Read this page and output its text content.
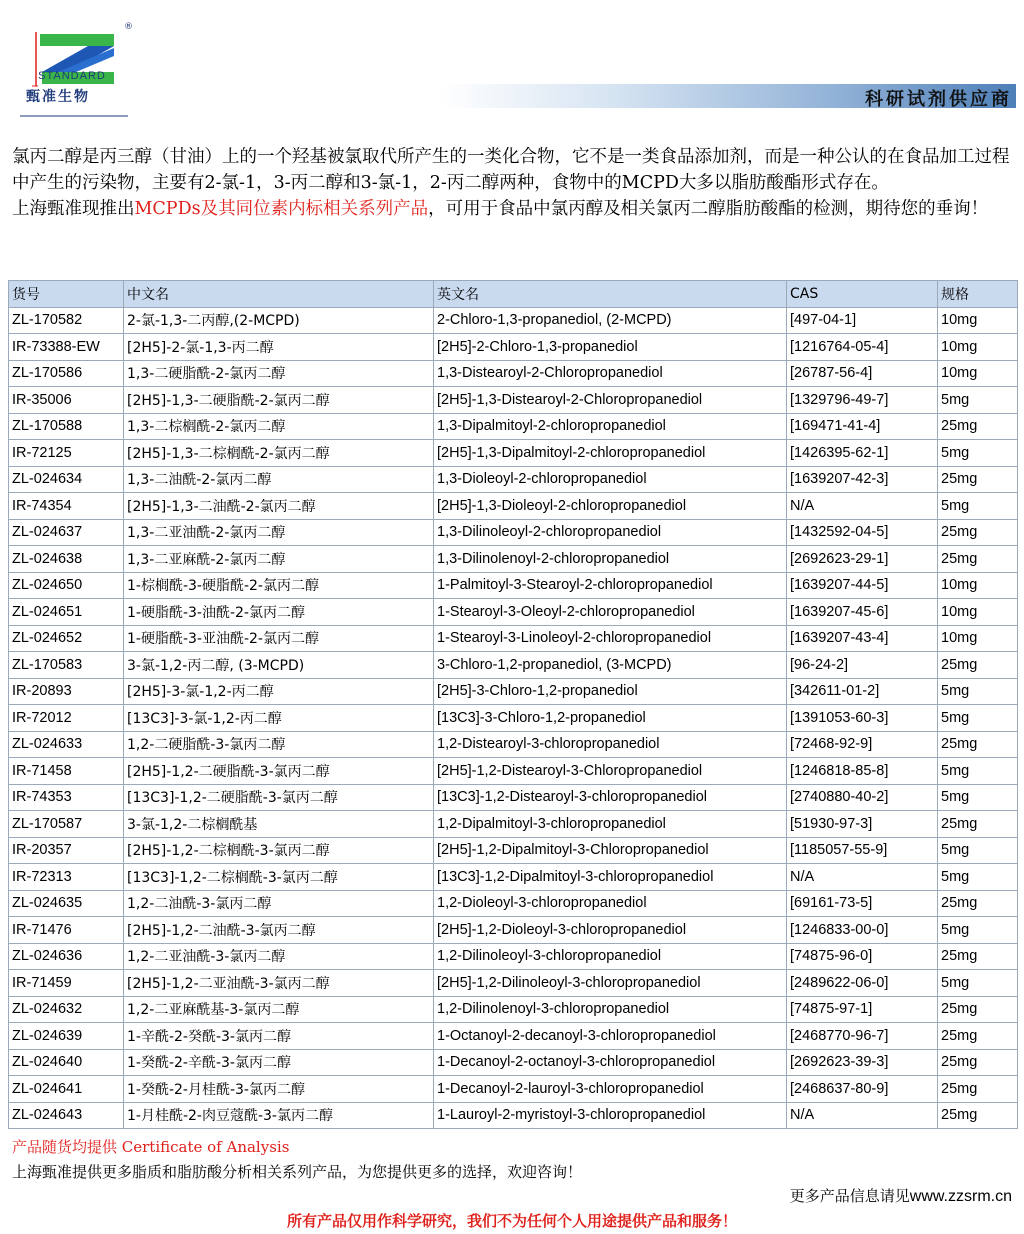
STANDARD
甄准生物
®
科研试剂供应商

氯丙二醇是丙三醇（甘油）上的一个羟基被氯取代所产生的一类化合物，它不是一类食品添加剂，而是一种公认的在食品加工过程中产生的污染物，主要有2-氯-1，3-丙二醇和3-氯-1，2-丙二醇两种，食物中的MCPD大多以脂肪酸酯形式存在。

上海甄准现推出MCPDs及其同位素内标相关系列产品，可用于食品中氯丙醇及相关氯丙二醇脂肪酸酯的检测，期待您的垂询！

货号	中文名	英文名	CAS	规格
ZL-170582	2-氯-1,3-二丙醇,(2-MCPD)	2-Chloro-1,3-propanediol, (2-MCPD)	[497-04-1]	10mg
IR-73388-EW	[2H5]-2-氯-1,3-丙二醇	[2H5]-2-Chloro-1,3-propanediol	[1216764-05-4]	10mg
ZL-170586	1,3-二硬脂酰-2-氯丙二醇	1,3-Distearoyl-2-Chloropropanediol	[26787-56-4]	10mg
IR-35006	[2H5]-1,3-二硬脂酰-2-氯丙二醇	[2H5]-1,3-Distearoyl-2-Chloropropanediol	[1329796-49-7]	5mg
ZL-170588	1,3-二棕榈酰-2-氯丙二醇	1,3-Dipalmitoyl-2-chloropropanediol	[169471-41-4]	25mg
IR-72125	[2H5]-1,3-二棕榈酰-2-氯丙二醇	[2H5]-1,3-Dipalmitoyl-2-chloropropanediol	[1426395-62-1]	5mg
ZL-024634	1,3-二油酰-2-氯丙二醇	1,3-Dioleoyl-2-chloropropanediol	[1639207-42-3]	25mg
IR-74354	[2H5]-1,3-二油酰-2-氯丙二醇	[2H5]-1,3-Dioleoyl-2-chloropropanediol	N/A	5mg
ZL-024637	1,3-二亚油酰-2-氯丙二醇	1,3-Dilinoleoyl-2-chloropropanediol	[1432592-04-5]	25mg
ZL-024638	1,3-二亚麻酰-2-氯丙二醇	1,3-Dilinolenoyl-2-chloropropanediol	[2692623-29-1]	25mg
ZL-024650	1-棕榈酰-3-硬脂酰-2-氯丙二醇	1-Palmitoyl-3-Stearoyl-2-chloropropanediol	[1639207-44-5]	10mg
ZL-024651	1-硬脂酰-3-油酰-2-氯丙二醇	1-Stearoyl-3-Oleoyl-2-chloropropanediol	[1639207-45-6]	10mg
ZL-024652	1-硬脂酰-3-亚油酰-2-氯丙二醇	1-Stearoyl-3-Linoleoyl-2-chloropropanediol	[1639207-43-4]	10mg
ZL-170583	3-氯-1,2-丙二醇, (3-MCPD)	3-Chloro-1,2-propanediol, (3-MCPD)	[96-24-2]	25mg
IR-20893	[2H5]-3-氯-1,2-丙二醇	[2H5]-3-Chloro-1,2-propanediol	[342611-01-2]	5mg
IR-72012	[13C3]-3-氯-1,2-丙二醇	[13C3]-3-Chloro-1,2-propanediol	[1391053-60-3]	5mg
ZL-024633	1,2-二硬脂酰-3-氯丙二醇	1,2-Distearoyl-3-chloropropanediol	[72468-92-9]	25mg
IR-71458	[2H5]-1,2-二硬脂酰-3-氯丙二醇	[2H5]-1,2-Distearoyl-3-Chloropropanediol	[1246818-85-8]	5mg
IR-74353	[13C3]-1,2-二硬脂酰-3-氯丙二醇	[13C3]-1,2-Distearoyl-3-chloropropanediol	[2740880-40-2]	5mg
ZL-170587	3-氯-1,2-二棕榈酰基	1,2-Dipalmitoyl-3-chloropropanediol	[51930-97-3]	25mg
IR-20357	[2H5]-1,2-二棕榈酰-3-氯丙二醇	[2H5]-1,2-Dipalmitoyl-3-Chloropropanediol	[1185057-55-9]	5mg
IR-72313	[13C3]-1,2-二棕榈酰-3-氯丙二醇	[13C3]-1,2-Dipalmitoyl-3-chloropropanediol	N/A	5mg
ZL-024635	1,2-二油酰-3-氯丙二醇	1,2-Dioleoyl-3-chloropropanediol	[69161-73-5]	25mg
IR-71476	[2H5]-1,2-二油酰-3-氯丙二醇	[2H5]-1,2-Dioleoyl-3-chloropropanediol	[1246833-00-0]	5mg
ZL-024636	1,2-二亚油酰-3-氯丙二醇	1,2-Dilinoleoyl-3-chloropropanediol	[74875-96-0]	25mg
IR-71459	[2H5]-1,2-二亚油酰-3-氯丙二醇	[2H5]-1,2-Dilinoleoyl-3-chloropropanediol	[2489622-06-0]	5mg
ZL-024632	1,2-二亚麻酰基-3-氯丙二醇	1,2-Dilinolenoyl-3-chloropropanediol	[74875-97-1]	25mg
ZL-024639	1-辛酰-2-癸酰-3-氯丙二醇	1-Octanoyl-2-decanoyl-3-chloropropanediol	[2468770-96-7]	25mg
ZL-024640	1-癸酰-2-辛酰-3-氯丙二醇	1-Decanoyl-2-octanoyl-3-chloropropanediol	[2692623-39-3]	25mg
ZL-024641	1-癸酰-2-月桂酰-3-氯丙二醇	1-Decanoyl-2-lauroyl-3-chloropropanediol	[2468637-80-9]	25mg
ZL-024643	1-月桂酰-2-肉豆蔻酰-3-氯丙二醇	1-Lauroyl-2-myristoyl-3-chloropropanediol	N/A	25mg
产品随货均提供 Certificate of Analysis
上海甄准提供更多脂质和脂肪酸分析相关系列产品，为您提供更多的选择，欢迎咨询！
更多产品信息请见www.zzsrm.cn
所有产品仅用作科学研究，我们不为任何个人用途提供产品和服务！
